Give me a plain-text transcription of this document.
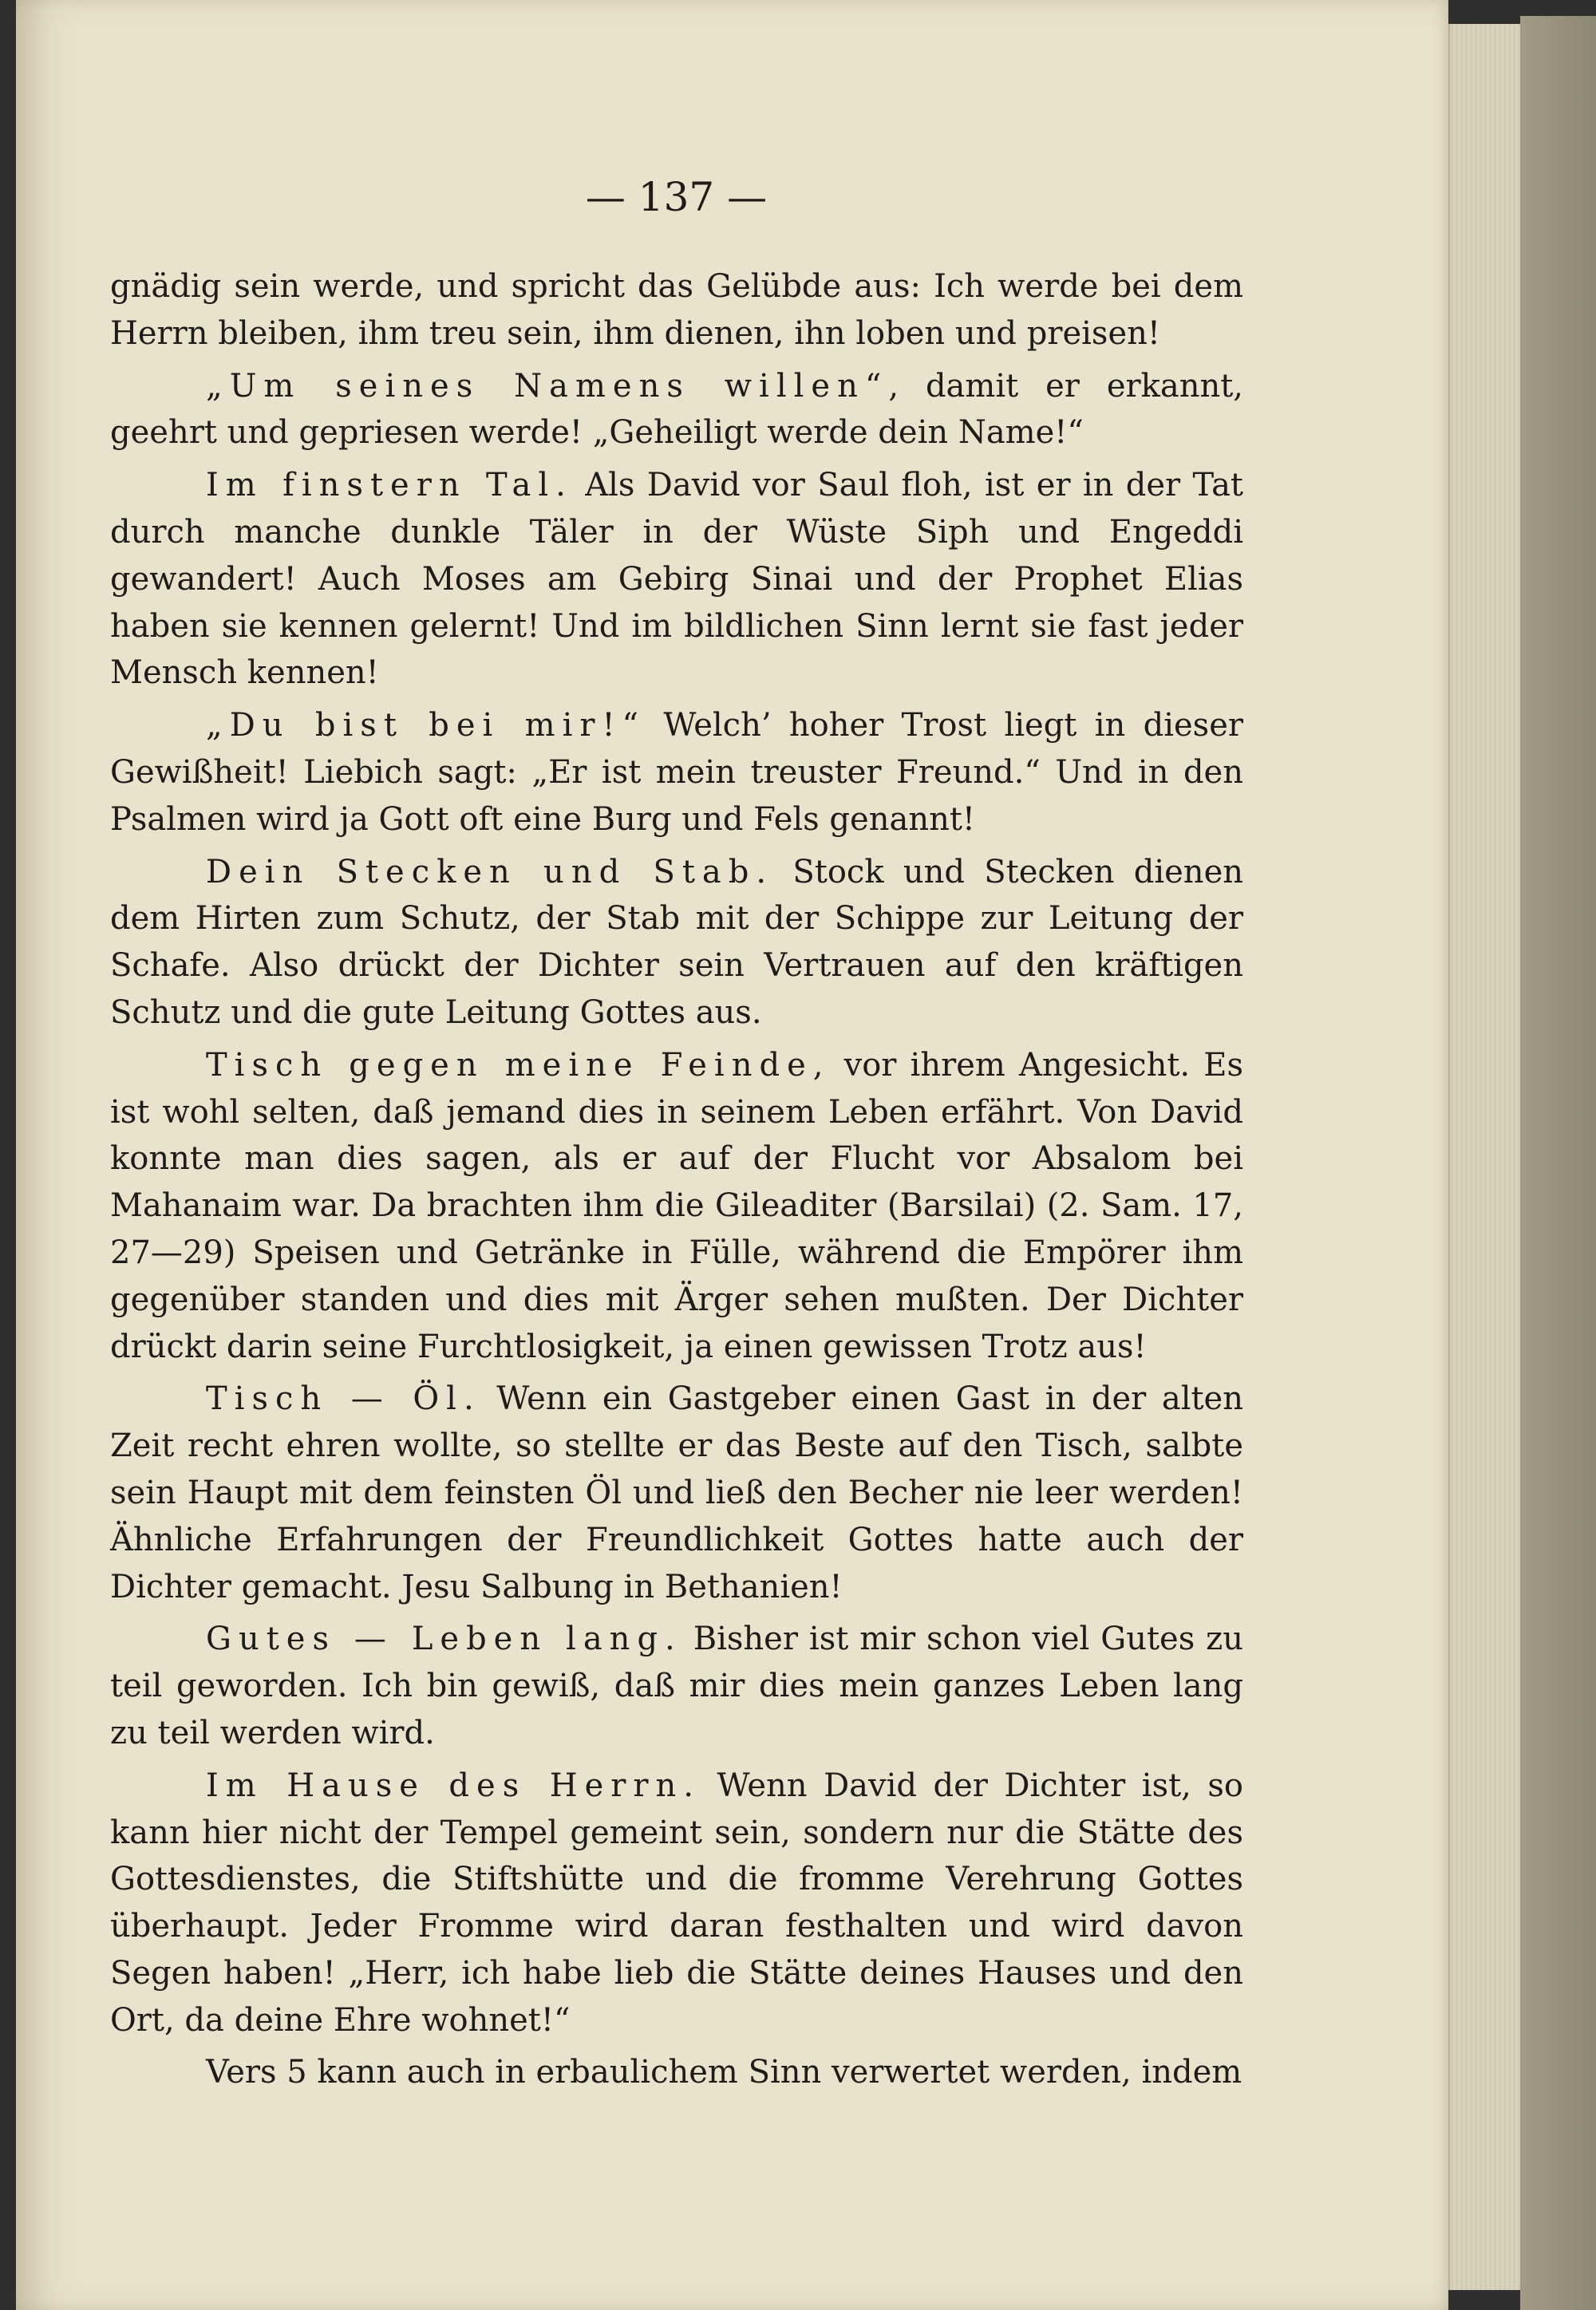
— 137 —

gnädig sein werde, und spricht das Gelübde aus: Ich werde bei dem Herrn bleiben, ihm treu sein, ihm dienen, ihn loben und preisen!

„Um seines Namens willen“, damit er erkannt, geehrt und gepriesen werde! „Geheiligt werde dein Name!“

Im finstern Tal. Als David vor Saul floh, ist er in der Tat durch manche dunkle Täler in der Wüste Siph und Engeddi gewandert! Auch Moses am Gebirg Sinai und der Prophet Elias haben sie kennen gelernt! Und im bildlichen Sinn lernt sie fast jeder Mensch kennen!

„Du bist bei mir!“ Welch’ hoher Trost liegt in dieser Gewißheit! Liebich sagt: „Er ist mein treuster Freund.“ Und in den Psalmen wird ja Gott oft eine Burg und Fels genannt!

Dein Stecken und Stab. Stock und Stecken dienen dem Hirten zum Schutz, der Stab mit der Schippe zur Leitung der Schafe. Also drückt der Dichter sein Vertrauen auf den kräftigen Schutz und die gute Leitung Gottes aus.

Tisch gegen meine Feinde, vor ihrem Angesicht. Es ist wohl selten, daß jemand dies in seinem Leben erfährt. Von David konnte man dies sagen, als er auf der Flucht vor Absalom bei Mahanaim war. Da brachten ihm die Gileaditer (Barsilai) (2. Sam. 17, 27—29) Speisen und Getränke in Fülle, während die Empörer ihm gegenüber standen und dies mit Ärger sehen mußten. Der Dichter drückt darin seine Furchtlosigkeit, ja einen gewissen Trotz aus!

Tisch — Öl. Wenn ein Gastgeber einen Gast in der alten Zeit recht ehren wollte, so stellte er das Beste auf den Tisch, salbte sein Haupt mit dem feinsten Öl und ließ den Becher nie leer werden! Ähnliche Erfahrungen der Freundlichkeit Gottes hatte auch der Dichter gemacht. Jesu Salbung in Bethanien!

Gutes — Leben lang. Bisher ist mir schon viel Gutes zu teil geworden. Ich bin gewiß, daß mir dies mein ganzes Leben lang zu teil werden wird.

Im Hause des Herrn. Wenn David der Dichter ist, so kann hier nicht der Tempel gemeint sein, sondern nur die Stätte des Gottesdienstes, die Stiftshütte und die fromme Verehrung Gottes überhaupt. Jeder Fromme wird daran festhalten und wird davon Segen haben! „Herr, ich habe lieb die Stätte deines Hauses und den Ort, da deine Ehre wohnet!“

Vers 5 kann auch in erbaulichem Sinn verwertet werden, indem
